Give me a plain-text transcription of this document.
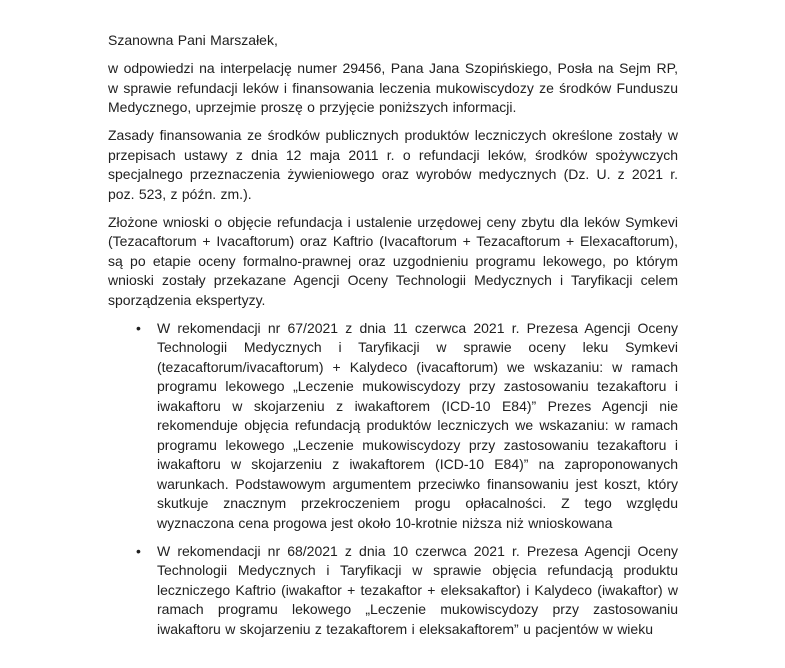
Szanowna Pani Marszałek,

w odpowiedzi na interpelację numer 29456, Pana Jana Szopińskiego, Posła na Sejm RP, w sprawie refundacji leków i finansowania leczenia mukowiscydozy ze środków Funduszu Medycznego, uprzejmie proszę o przyjęcie poniższych informacji.

Zasady finansowania ze środków publicznych produktów leczniczych określone zostały w przepisach ustawy z dnia 12 maja 2011 r. o refundacji leków, środków spożywczych specjalnego przeznaczenia żywieniowego oraz wyrobów medycznych (Dz. U. z 2021 r. poz. 523, z późn. zm.).

Złożone wnioski o objęcie refundacja i ustalenie urzędowej ceny zbytu dla leków Symkevi (Tezacaftorum + Ivacaftorum) oraz Kaftrio (Ivacaftorum + Tezacaftorum + Elexacaftorum), są po etapie oceny formalno-prawnej oraz uzgodnieniu programu lekowego, po którym wnioski zostały przekazane Agencji Oceny Technologii Medycznych i Taryfikacji celem sporządzenia ekspertyzy.

• W rekomendacji nr 67/2021 z dnia 11 czerwca 2021 r. Prezesa Agencji Oceny Technologii Medycznych i Taryfikacji w sprawie oceny leku Symkevi (tezacaftorum/ivacaftorum) + Kalydeco (ivacaftorum) we wskazaniu: w ramach programu lekowego „Leczenie mukowiscydozy przy zastosowaniu tezakaftoru i iwakaftoru w skojarzeniu z iwakaftorem (ICD-10 E84)” Prezes Agencji nie rekomenduje objęcia refundacją produktów leczniczych we wskazaniu: w ramach programu lekowego „Leczenie mukowiscydozy przy zastosowaniu tezakaftoru i iwakaftoru w skojarzeniu z iwakaftorem (ICD-10 E84)” na zaproponowanych warunkach. Podstawowym argumentem przeciwko finansowaniu jest koszt, który skutkuje znacznym przekroczeniem progu opłacalności. Z tego względu wyznaczona cena progowa jest około 10-krotnie niższa niż wnioskowana
• W rekomendacji nr 68/2021 z dnia 10 czerwca 2021 r. Prezesa Agencji Oceny Technologii Medycznych i Taryfikacji w sprawie objęcia refundacją produktu leczniczego Kaftrio (iwakaftor + tezakaftor + eleksakaftor) i Kalydeco (iwakaftor) w ramach programu lekowego „Leczenie mukowiscydozy przy zastosowaniu iwakaftoru w skojarzeniu z tezakaftorem i eleksakaftorem” u pacjentów w wieku
